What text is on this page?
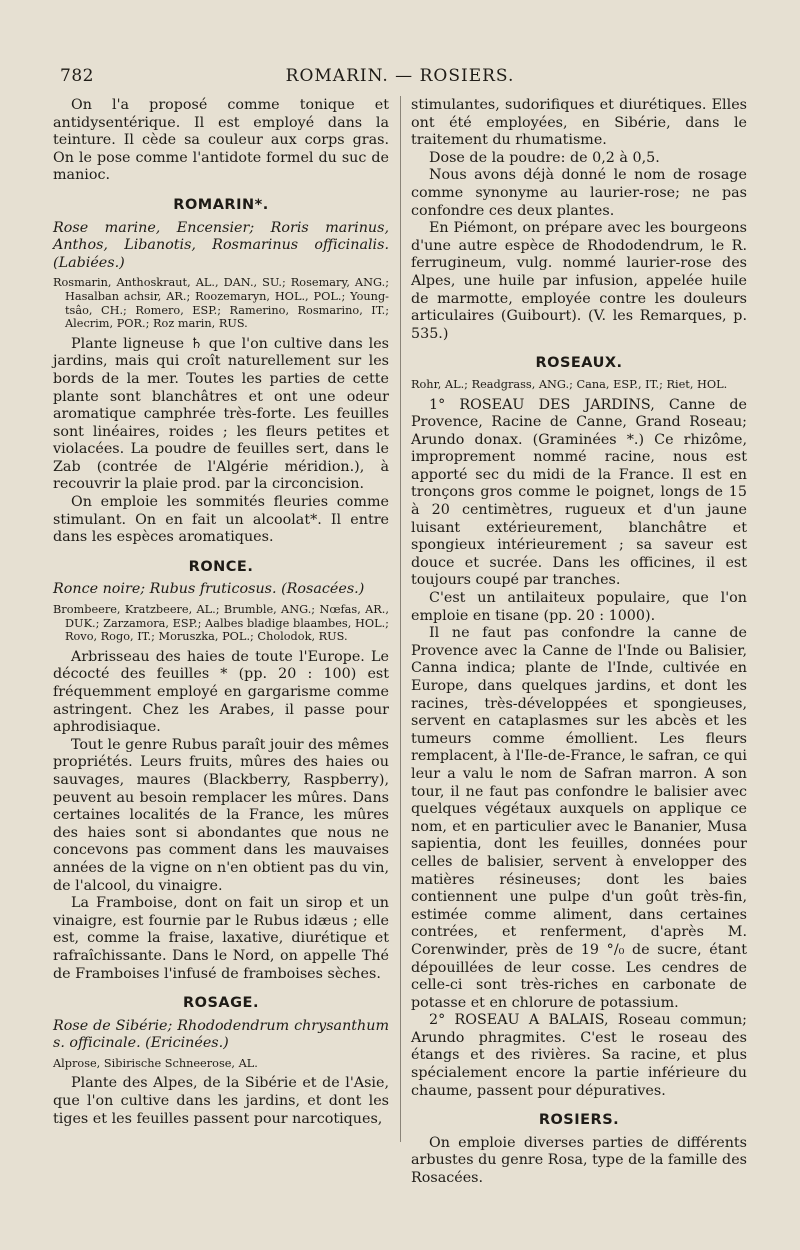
ROMARIN. — ROSIERS.
782

On l'a proposé comme tonique et antidysentérique. Il est employé dans la teinture. Il cède sa couleur aux corps gras. On le pose comme l'antidote formel du suc de manioc.

ROMARIN*.

Rose marine, Encensier; Roris marinus, Anthos, Libanotis, Rosmarinus officinalis. (Labiées.)

Rosmarin, Anthoskraut, AL., DAN., SU.; Rosemary, ANG.; Hasalban achsir, AR.; Roozemaryn, HOL., POL.; Young-tsâo, CH.; Romero, ESP.; Ramerino, Rosmarino, IT.; Alecrim, POR.; Roz marin, RUS.

Plante ligneuse ♄ que l'on cultive dans les jardins, mais qui croît naturellement sur les bords de la mer. Toutes les parties de cette plante sont blanchâtres et ont une odeur aromatique camphrée très-forte. Les feuilles sont linéaires, roides ; les fleurs petites et violacées. La poudre de feuilles sert, dans le Zab (contrée de l'Algérie méridion.), à recouvrir la plaie prod. par la circoncision.

On emploie les sommités fleuries comme stimulant. On en fait un alcoolat*. Il entre dans les espèces aromatiques.

RONCE.

Ronce noire; Rubus fruticosus. (Rosacées.)

Brombeere, Kratzbeere, AL.; Brumble, ANG.; Nœfas, AR., DUK.; Zarzamora, ESP.; Aalbes bladige blaambes, HOL.; Rovo, Rogo, IT.; Moruszka, POL.; Cholodok, RUS.

Arbrisseau des haies de toute l'Europe. Le décocté des feuilles * (pp. 20 : 100) est fréquemment employé en gargarisme comme astringent. Chez les Arabes, il passe pour aphrodisiaque.

Tout le genre Rubus paraît jouir des mêmes propriétés. Leurs fruits, mûres des haies ou sauvages, maures (Blackberry, Raspberry), peuvent au besoin remplacer les mûres. Dans certaines localités de la France, les mûres des haies sont si abondantes que nous ne concevons pas comment dans les mauvaises années de la vigne on n'en obtient pas du vin, de l'alcool, du vinaigre.

La Framboise, dont on fait un sirop et un vinaigre, est fournie par le Rubus idæus ; elle est, comme la fraise, laxative, diurétique et rafraîchissante. Dans le Nord, on appelle Thé de Framboises l'infusé de framboises sèches.

ROSAGE.

Rose de Sibérie; Rhododendrum chrysanthum s. officinale. (Ericinées.)

Alprose, Sibirische Schneerose, AL.

Plante des Alpes, de la Sibérie et de l'Asie, que l'on cultive dans les jardins, et dont les tiges et les feuilles passent pour narcotiques,

stimulantes, sudorifiques et diurétiques. Elles ont été employées, en Sibérie, dans le traitement du rhumatisme.

Dose de la poudre: de 0,2 à 0,5.

Nous avons déjà donné le nom de rosage comme synonyme au laurier-rose; ne pas confondre ces deux plantes.

En Piémont, on prépare avec les bourgeons d'une autre espèce de Rhododendrum, le R. ferrugineum, vulg. nommé laurier-rose des Alpes, une huile par infusion, appelée huile de marmotte, employée contre les douleurs articulaires (Guibourt). (V. les Remarques, p. 535.)

ROSEAUX.

Rohr, AL.; Readgrass, ANG.; Cana, ESP., IT.; Riet, HOL.

1° ROSEAU DES JARDINS, Canne de Provence, Racine de Canne, Grand Roseau; Arundo donax. (Graminées *.) Ce rhizôme, improprement nommé racine, nous est apporté sec du midi de la France. Il est en tronçons gros comme le poignet, longs de 15 à 20 centimètres, rugueux et d'un jaune luisant extérieurement, blanchâtre et spongieux intérieurement ; sa saveur est douce et sucrée. Dans les officines, il est toujours coupé par tranches.

C'est un antilaiteux populaire, que l'on emploie en tisane (pp. 20 : 1000).

Il ne faut pas confondre la canne de Provence avec la Canne de l'Inde ou Balisier, Canna indica; plante de l'Inde, cultivée en Europe, dans quelques jardins, et dont les racines, très-développées et spongieuses, servent en cataplasmes sur les abcès et les tumeurs comme émollient. Les fleurs remplacent, à l'Ile-de-France, le safran, ce qui leur a valu le nom de Safran marron. A son tour, il ne faut pas confondre le balisier avec quelques végétaux auxquels on applique ce nom, et en particulier avec le Bananier, Musa sapientia, dont les feuilles, données pour celles de balisier, servent à envelopper des matières résineuses; dont les baies contiennent une pulpe d'un goût très-fin, estimée comme aliment, dans certaines contrées, et renferment, d'après M. Corenwinder, près de 19 °/₀ de sucre, étant dépouillées de leur cosse. Les cendres de celle-ci sont très-riches en carbonate de potasse et en chlorure de potassium.

2° ROSEAU A BALAIS, Roseau commun; Arundo phragmites. C'est le roseau des étangs et des rivières. Sa racine, et plus spécialement encore la partie inférieure du chaume, passent pour dépuratives.

ROSIERS.

On emploie diverses parties de différents arbustes du genre Rosa, type de la famille des Rosacées.
